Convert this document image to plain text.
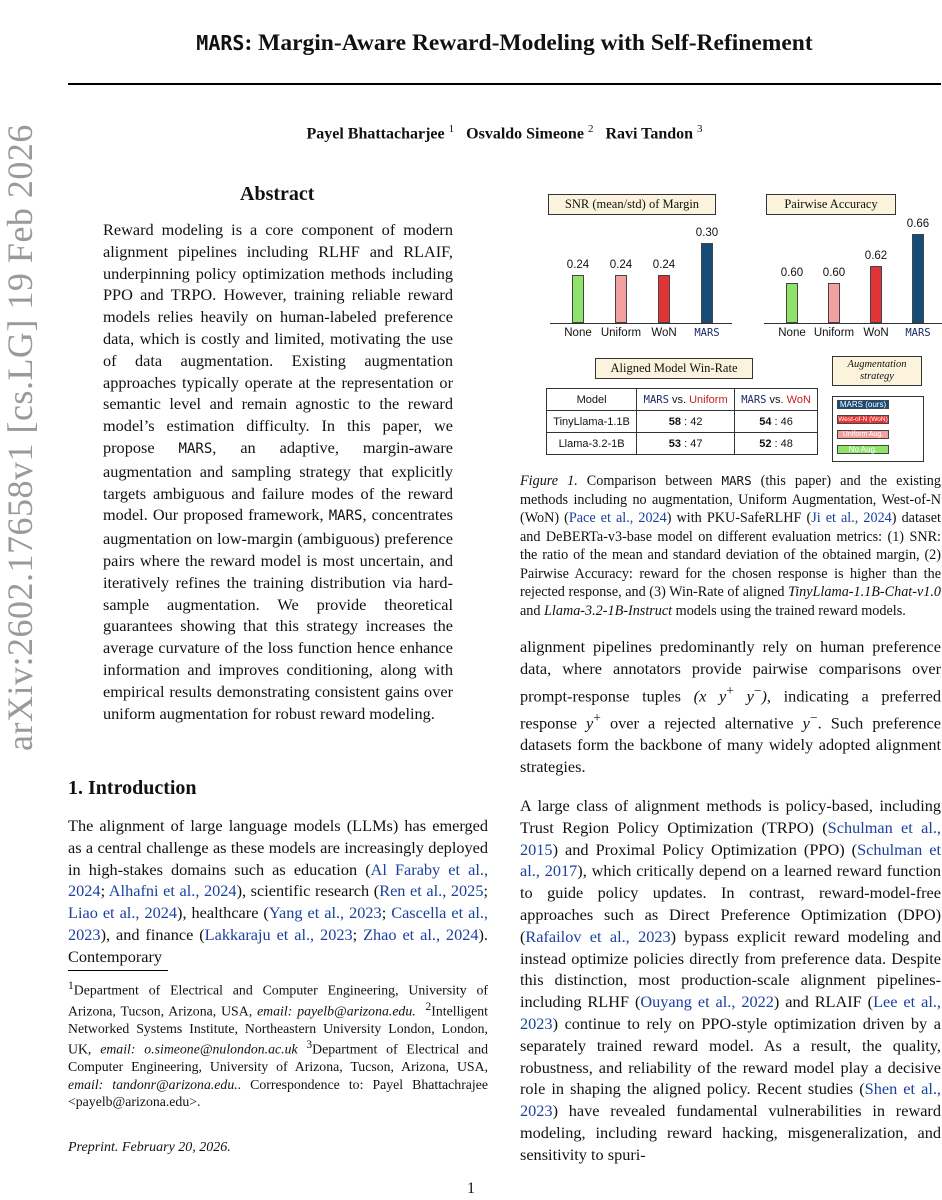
arXiv:2602.17658v1 [cs.LG] 19 Feb 2026
MARS: Margin-Aware Reward-Modeling with Self-Refinement
Payel Bhattacharjee $^1$ Osvaldo Simeone $^2$ Ravi Tandon $^3$
Abstract
Reward modeling is a core component of modern alignment pipelines including RLHF and RLAIF, underpinning policy optimization methods including PPO and TRPO. However, training reliable reward models relies heavily on human-labeled preference data, which is costly and limited, motivating the use of data augmentation. Existing augmentation approaches typically operate at the representation or semantic level and remain agnostic to the reward model’s estimation difficulty. In this paper, we propose MARS, an adaptive, margin-aware augmentation and sampling strategy that explicitly targets ambiguous and failure modes of the reward model. Our proposed framework, MARS, concentrates augmentation on low-margin (ambiguous) preference pairs where the reward model is most uncertain, and iteratively refines the training distribution via hard-sample augmentation. We provide theoretical guarantees showing that this strategy increases the average curvature of the loss function hence enhance information and improves conditioning, along with empirical results demonstrating consistent gains over uniform augmentation for robust reward modeling.
1. Introduction
The alignment of large language models (LLMs) has emerged as a central challenge as these models are increasingly deployed in high-stakes domains such as education (Al Faraby et al., 2024; Alhafni et al., 2024), scientific research (Ren et al., 2025; Liao et al., 2024), healthcare (Yang et al., 2023; Cascella et al., 2023), and finance (Lakkaraju et al., 2023; Zhao et al., 2024). Contemporary
$^1$Department of Electrical and Computer Engineering, University of Arizona, Tucson, Arizona, USA, email: payelb@arizona.edu. $^2$Intelligent Networked Systems Institute, Northeastern University London, London, UK, email: o.simeone@nulondon.ac.uk $^3$Department of Electrical and Computer Engineering, University of Arizona, Tucson, Arizona, USA, email: tandonr@arizona.edu.. Correspondence to: Payel Bhattachrajee <payelb@arizona.edu>.
Preprint. February 20, 2026.
1
SNR (mean/std) of Margin
0.24
None
0.24
Uniform
0.24
WoN
0.30
MARS
Pairwise Accuracy
0.60
None
0.60
Uniform
0.62
WoN
0.66
MARS
Aligned Model Win-Rate
Model	MARS vs. Uniform	MARS vs. WoN
TinyLlama-1.1B	58 : 42	54 : 46
Llama-3.2-1B	53 : 47	52 : 48
Augmentation
strategy
MARS (ours)
West-of-N (WoN)
Uniform Aug.
No Aug.
Figure 1. Comparison between MARS (this paper) and the existing methods including no augmentation, Uniform Augmentation, West-of-N (WoN) (Pace et al., 2024) with PKU-SafeRLHF (Ji et al., 2024) dataset and DeBERTa-v3-base model on different evaluation metrics: (1) SNR: the ratio of the mean and standard deviation of the obtained margin, (2) Pairwise Accuracy: reward for the chosen response is higher than the rejected response, and (3) Win-Rate of aligned TinyLlama-1.1B-Chat-v1.0 and Llama-3.2-1B-Instruct models using the trained reward models.
alignment pipelines predominantly rely on human preference data, where annotators provide pairwise comparisons over prompt-response tuples (x y+ y−), indicating a preferred response y+ over a rejected alternative y−. Such preference datasets form the backbone of many widely adopted alignment strategies.
A large class of alignment methods is policy-based, including Trust Region Policy Optimization (TRPO) (Schulman et al., 2015) and Proximal Policy Optimization (PPO) (Schulman et al., 2017), which critically depend on a learned reward function to guide policy updates. In contrast, reward-model-free approaches such as Direct Preference Optimization (DPO) (Rafailov et al., 2023) bypass explicit reward modeling and instead optimize policies directly from preference data. Despite this distinction, most production-scale alignment pipelines-including RLHF (Ouyang et al., 2022) and RLAIF (Lee et al., 2023) continue to rely on PPO-style optimization driven by a separately trained reward model. As a result, the quality, robustness, and reliability of the reward model play a decisive role in shaping the aligned policy. Recent studies (Shen et al., 2023) have revealed fundamental vulnerabilities in reward modeling, including reward hacking, misgeneralization, and sensitivity to spuri-
